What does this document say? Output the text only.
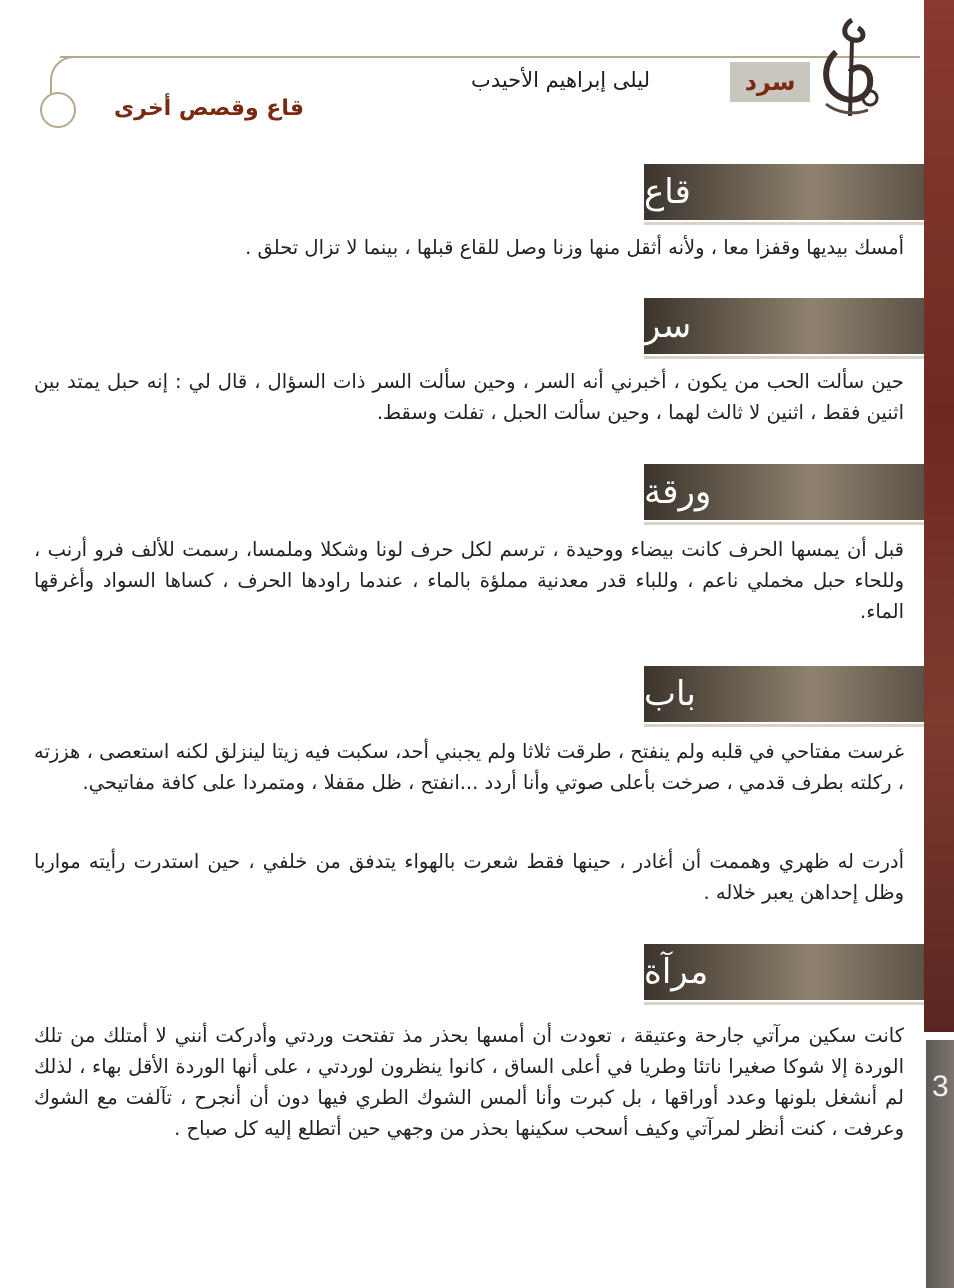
3
سرد
ليلى إبراهيم الأحيدب
قاع وقصص أخرى
قاع

أمسك بيديها وقفزا معا ، ولأنه أثقل منها وزنا وصل للقاع قبلها ، بينما لا تزال تحلق .

سر

حين سألت الحب من يكون ، أخبرني أنه السر ، وحين سألت السر ذات السؤال ، قال لي : إنه حبل يمتد بين اثنين فقط ، اثنين لا ثالث لهما ، وحين سألت الحبل ، تفلت وسقط.

ورقة

قبل أن يمسها الحرف كانت بيضاء ووحيدة ، ترسم لكل حرف لونا وشكلا وملمسا، رسمت للألف فرو أرنب ، وللحاء حبل مخملي ناعم ، وللباء قدر معدنية مملؤة بالماء ، عندما راودها الحرف ، كساها السواد وأغرقها الماء.

باب

غرست مفتاحي في قلبه ولم ينفتح ، طرقت ثلاثا ولم يجبني أحد، سكبت فيه زيتا لينزلق لكنه استعصى ، هززته ، ركلته بطرف قدمي ، صرخت بأعلى صوتي وأنا أردد ...انفتح ، ظل مقفلا ، ومتمردا على كافة مفاتيحي.

أدرت له ظهري وهممت أن أغادر ، حينها فقط شعرت بالهواء يتدفق من خلفي ، حين استدرت رأيته مواربا وظل إحداهن يعبر خلاله .

مرآة

كانت سكين مرآتي جارحة وعتيقة ، تعودت أن أمسها بحذر مذ تفتحت وردتي وأدركت أنني لا أمتلك من تلك الوردة إلا شوكا صغيرا ناتئا وطريا في أعلى الساق ، كانوا ينظرون لوردتي ، على أنها الوردة الأقل بهاء ، لذلك لم أنشغل بلونها وعدد أوراقها ، بل كبرت وأنا ألمس الشوك الطري فيها دون أن أنجرح ، تآلفت مع الشوك وعرفت ، كنت أنظر لمرآتي وكيف أسحب سكينها بحذر من وجهي حين أتطلع إليه كل صباح .
